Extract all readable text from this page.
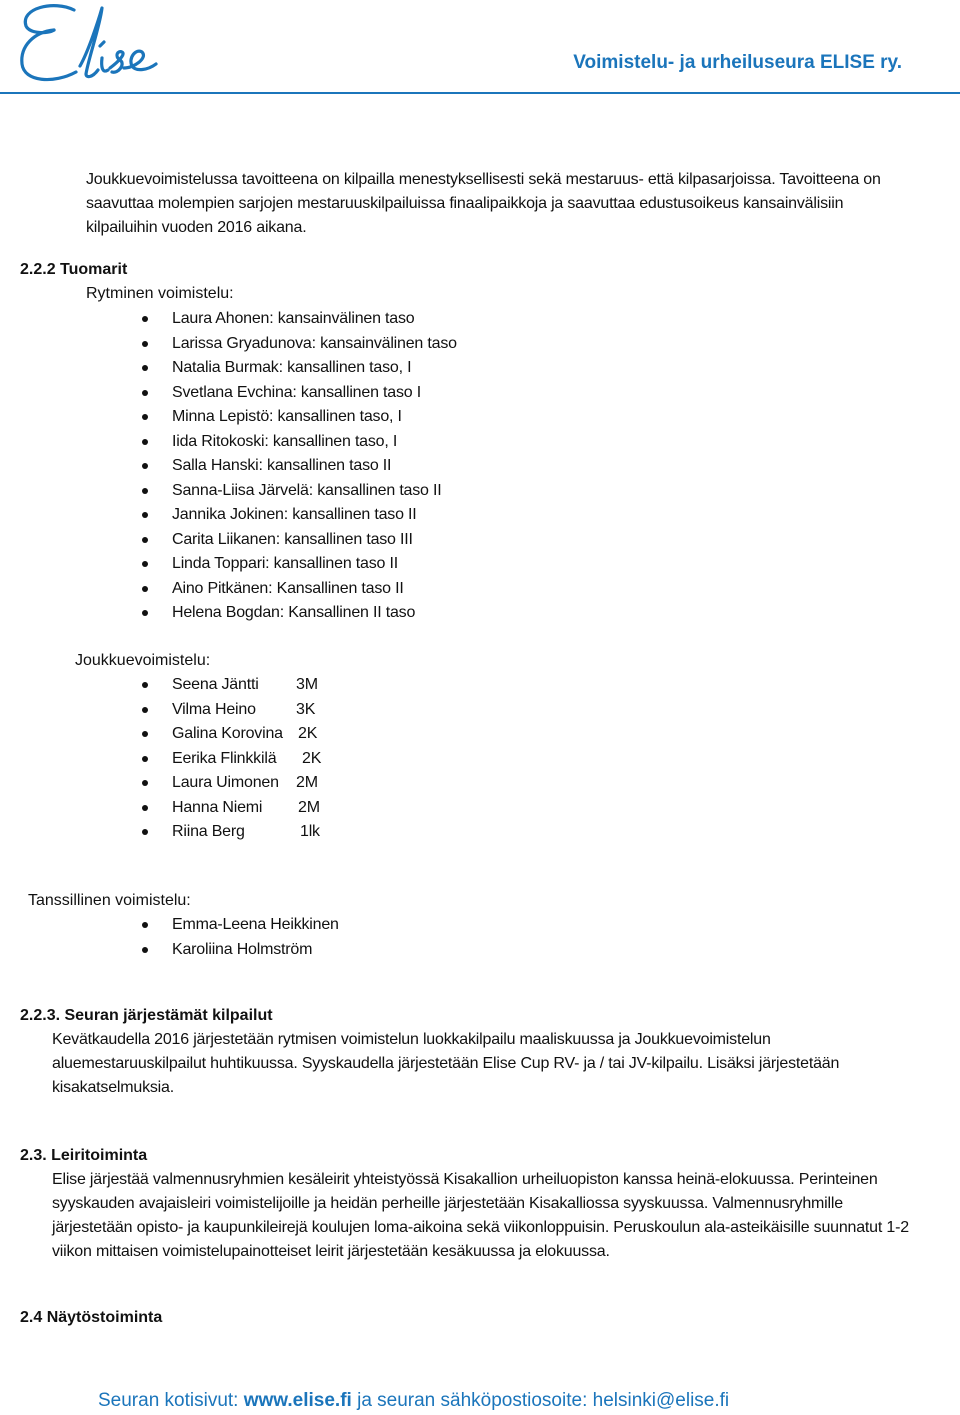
Elise
Voimistelu- ja urheiluseura ELISE ry.
Joukkuevoimistelussa tavoitteena on kilpailla menestyksellisesti sekä mestaruus- että kilpasarjoissa. Tavoitteena on saavuttaa molempien sarjojen mestaruuskilpailuissa finaalipaikkoja ja saavuttaa edustusoikeus kansainvälisiin kilpailuihin vuoden 2016 aikana.
2.2.2 Tuomarit
Rytminen voimistelu:
Laura Ahonen: kansainvälinen taso
Larissa Gryadunova: kansainvälinen taso
Natalia Burmak: kansallinen taso, I
Svetlana Evchina: kansallinen taso I
Minna Lepistö: kansallinen taso, I
Iida Ritokoski: kansallinen taso, I
Salla Hanski: kansallinen taso II
Sanna-Liisa Järvelä: kansallinen taso II
Jannika Jokinen: kansallinen taso II
Carita Liikanen: kansallinen taso III
Linda Toppari: kansallinen taso II
Aino Pitkänen: Kansallinen taso II
Helena Bogdan: Kansallinen II taso
Joukkuevoimistelu:
Seena Jäntti 3M
Vilma Heino	3K
Galina Korovina 2K
Eerika Flinkkilä 2K
Laura Uimonen 2M
Hanna Niemi 2M
Riina Berg	1lk
Tanssillinen voimistelu:
Emma-Leena Heikkinen
Karoliina Holmström
2.2.3. Seuran järjestämät kilpailut
Kevätkaudella 2016 järjestetään rytmisen voimistelun luokkakilpailu maaliskuussa ja Joukkuevoimistelun aluemestaruuskilpailut huhtikuussa. Syyskaudella järjestetään Elise Cup RV- ja / tai JV-kilpailu. Lisäksi järjestetään kisakatselmuksia.
2.3. Leiritoiminta
Elise järjestää valmennusryhmien kesäleirit yhteistyössä Kisakallion urheiluopiston kanssa heinä-elokuussa. Perinteinen syyskauden avajaisleiri voimistelijoille ja heidän perheille järjestetään Kisakalliossa syyskuussa. Valmennusryhmille järjestetään opisto- ja kaupunkileirejä koulujen loma-aikoina sekä viikonloppuisin. Peruskoulun ala-asteikäisille suunnatut 1-2 viikon mittaisen voimistelupainotteiset leirit järjestetään kesäkuussa ja elokuussa.
2.4 Näytöstoiminta
Seuran kotisivut: www.elise.fi ja seuran sähköpostiosoite: helsinki@elise.fi
